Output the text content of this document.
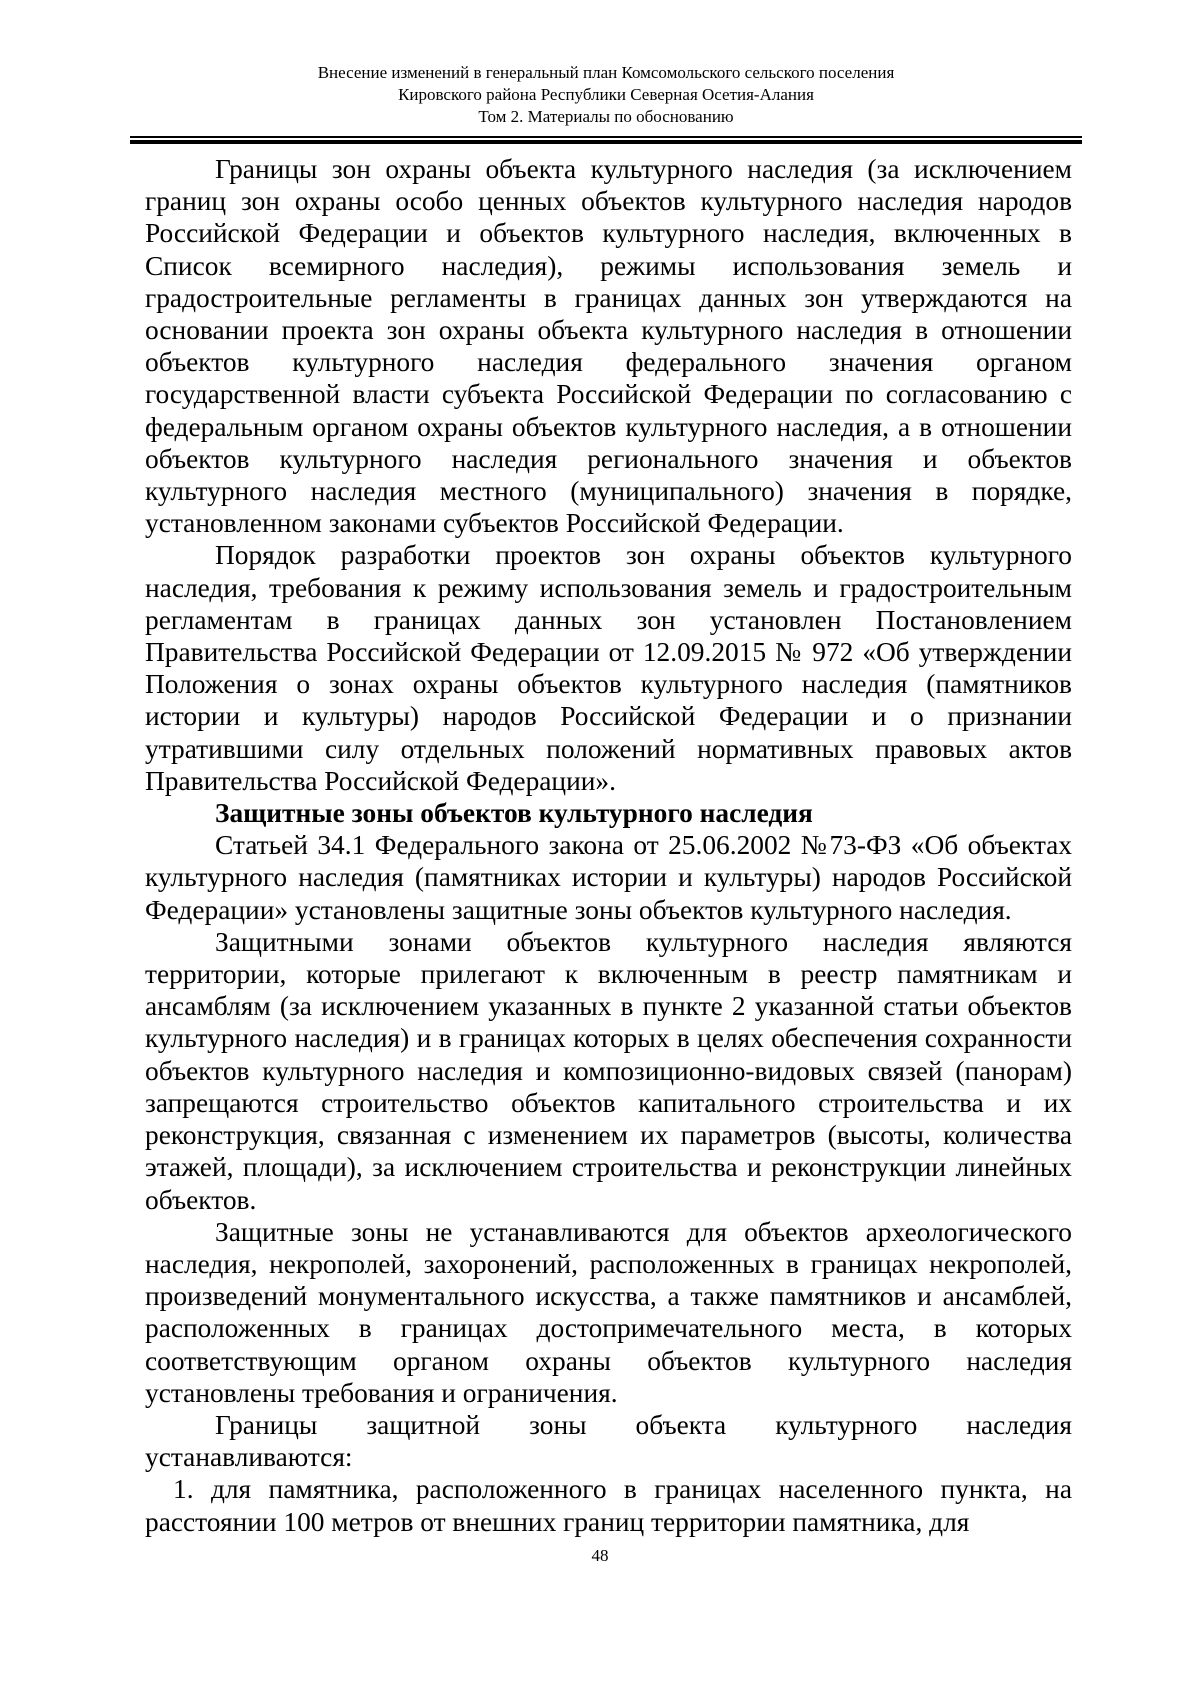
Внесение изменений в генеральный план Комсомольского сельского поселения
Кировского района Республики Северная Осетия-Алания
Том 2. Материалы по обоснованию

Границы зон охраны объекта культурного наследия (за исключением границ зон охраны особо ценных объектов культурного наследия народов Российской Федерации и объектов культурного наследия, включенных в Список всемирного наследия), режимы использования земель и градостроительные регламенты в границах данных зон утверждаются на основании проекта зон охраны объекта культурного наследия в отношении объектов культурного наследия федерального значения органом государственной власти субъекта Российской Федерации по согласованию с федеральным органом охраны объектов культурного наследия, а в отношении объектов культурного наследия регионального значения и объектов культурного наследия местного (муниципального) значения в порядке, установленном законами субъектов Российской Федерации.

Порядок разработки проектов зон охраны объектов культурного наследия, требования к режиму использования земель и градостроительным регламентам в границах данных зон установлен Постановлением Правительства Российской Федерации от 12.09.2015 № 972 «Об утверждении Положения о зонах охраны объектов культурного наследия (памятников истории и культуры) народов Российской Федерации и о признании утратившими силу отдельных положений нормативных правовых актов Правительства Российской Федерации».

Защитные зоны объектов культурного наследия

Статьей 34.1 Федерального закона от 25.06.2002 №73-ФЗ «Об объектах культурного наследия (памятниках истории и культуры) народов Российской Федерации» установлены защитные зоны объектов культурного наследия.

Защитными зонами объектов культурного наследия являются территории, которые прилегают к включенным в реестр памятникам и ансамблям (за исключением указанных в пункте 2 указанной статьи объектов культурного наследия) и в границах которых в целях обеспечения сохранности объектов культурного наследия и композиционно-видовых связей (панорам) запрещаются строительство объектов капитального строительства и их реконструкция, связанная с изменением их параметров (высоты, количества этажей, площади), за исключением строительства и реконструкции линейных объектов.

Защитные зоны не устанавливаются для объектов археологического наследия, некрополей, захоронений, расположенных в границах некрополей, произведений монументального искусства, а также памятников и ансамблей, расположенных в границах достопримечательного места, в которых соответствующим органом охраны объектов культурного наследия установлены требования и ограничения.

Границы защитной зоны объекта культурного наследия устанавливаются:

1. для памятника, расположенного в границах населенного пункта, на расстоянии 100 метров от внешних границ территории памятника, для

48
